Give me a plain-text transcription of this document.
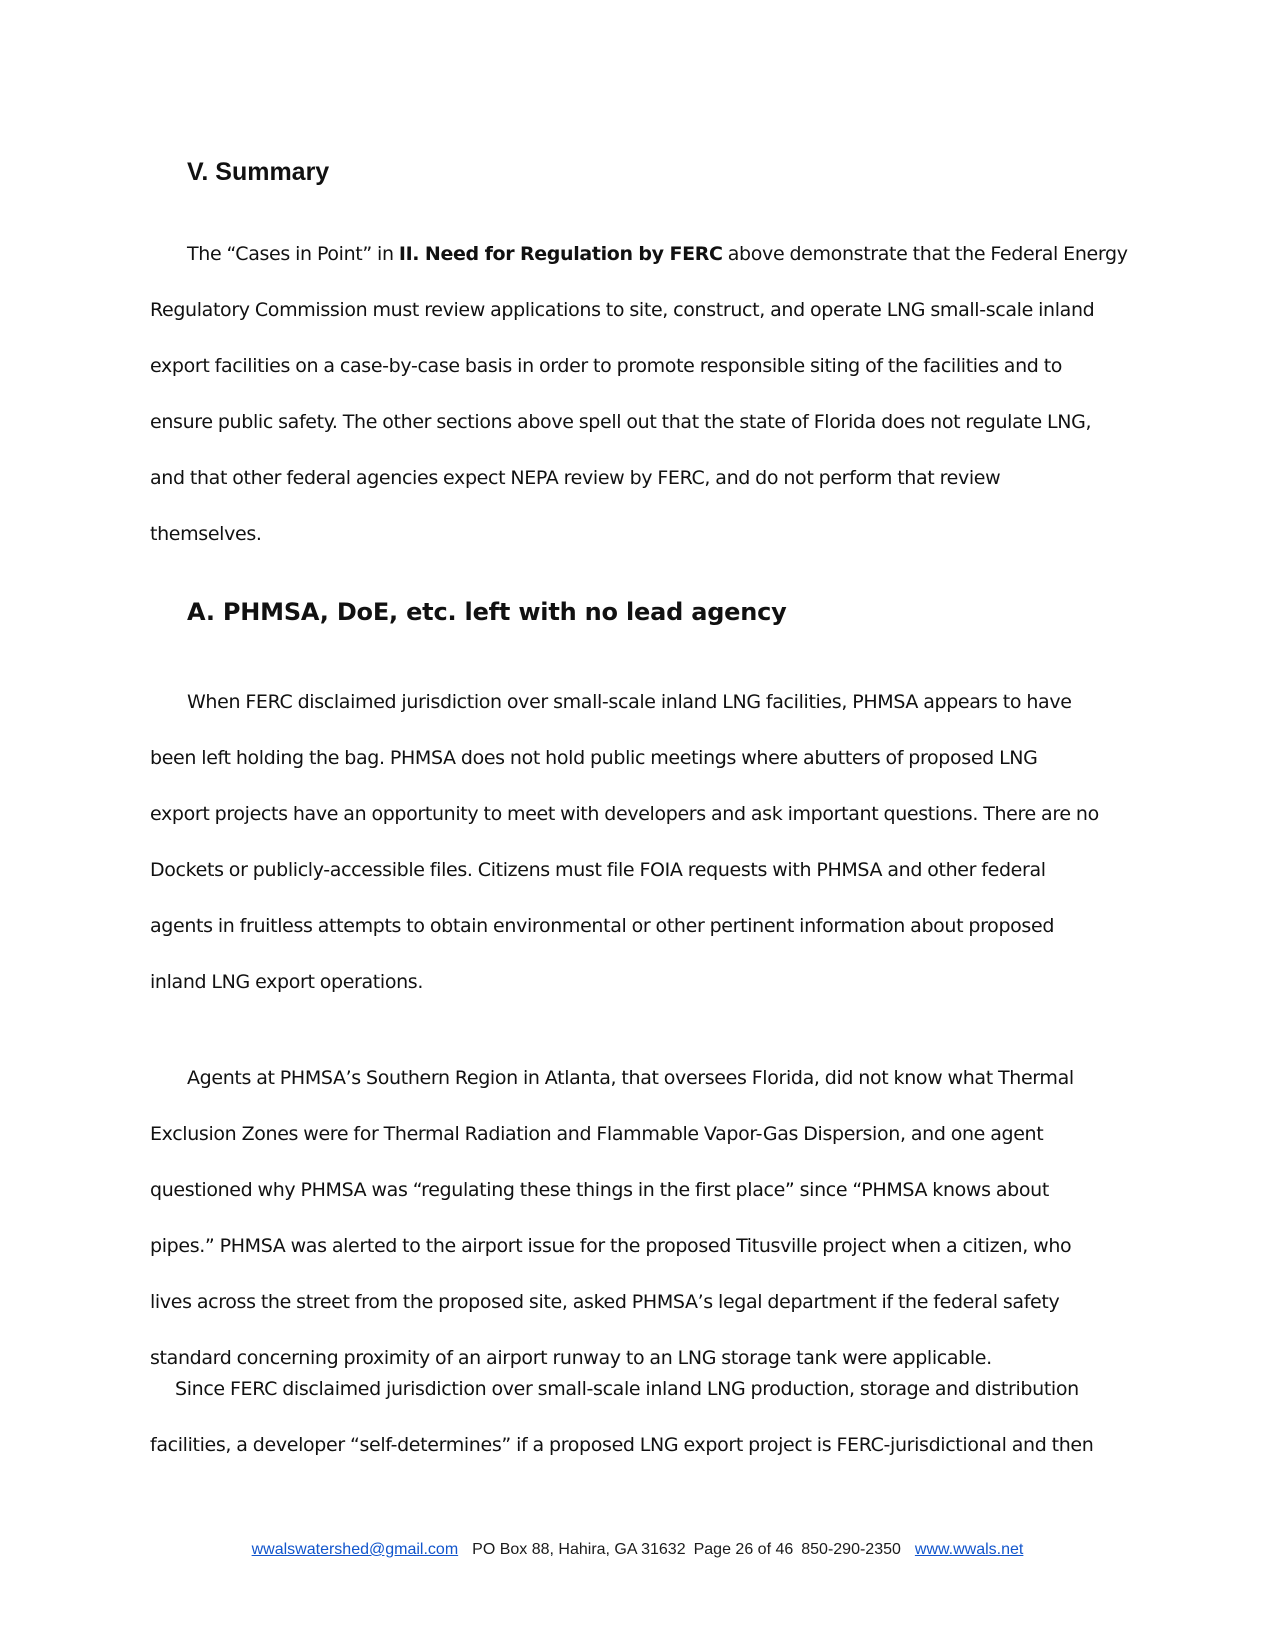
V. Summary

The “Cases in Point” in II. Need for Regulation by FERC above demonstrate that the Federal Energy
Regulatory Commission must review applications to site, construct, and operate LNG small-scale inland
export facilities on a case-by-case basis in order to promote responsible siting of the facilities and to
ensure public safety. The other sections above spell out that the state of Florida does not regulate LNG,
and that other federal agencies expect NEPA review by FERC, and do not perform that review
themselves.

A. PHMSA, DoE, etc. left with no lead agency

When FERC disclaimed jurisdiction over small-scale inland LNG facilities, PHMSA appears to have
been left holding the bag. PHMSA does not hold public meetings where abutters of proposed LNG
export projects have an opportunity to meet with developers and ask important questions. There are no
Dockets or publicly-accessible files. Citizens must file FOIA requests with PHMSA and other federal
agents in fruitless attempts to obtain environmental or other pertinent information about proposed
inland LNG export operations.

Agents at PHMSA’s Southern Region in Atlanta, that oversees Florida, did not know what Thermal
Exclusion Zones were for Thermal Radiation and Flammable Vapor-Gas Dispersion, and one agent
questioned why PHMSA was “regulating these things in the first place” since “PHMSA knows about
pipes.” PHMSA was alerted to the airport issue for the proposed Titusville project when a citizen, who
lives across the street from the proposed site, asked PHMSA’s legal department if the federal safety
standard concerning proximity of an airport runway to an LNG storage tank were applicable.

Since FERC disclaimed jurisdiction over small-scale inland LNG production, storage and distribution
facilities, a developer “self-determines” if a proposed LNG export project is FERC-jurisdictional and then

wwalswatershed@gmail.com PO Box 88, Hahira, GA 31632 Page 26 of 46 850-290-2350 www.wwals.net
